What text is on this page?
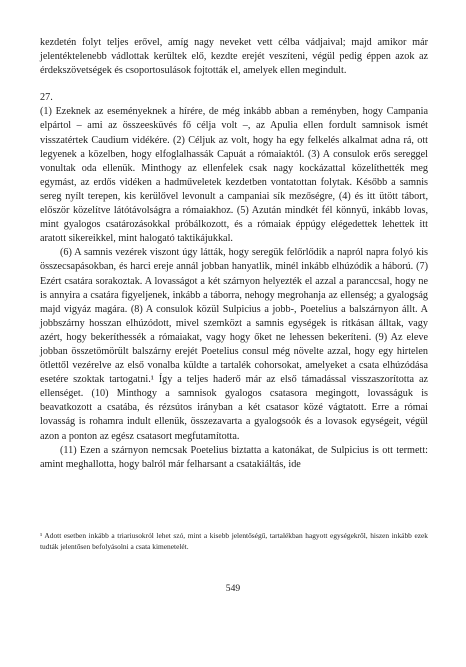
kezdetén folyt teljes erővel, amíg nagy neveket vett célba vádjaival; majd amikor már jelentéktelenebb vádlottak kerültek elő, kezdte erejét veszíteni, végül pedig éppen azok az érdekszövetségek és csoportosulások fojtották el, amelyek ellen megindult.

27.

(1) Ezeknek az eseményeknek a hírére, de még inkább abban a reményben, hogy Campania elpártol – ami az összeesküvés fő célja volt –, az Apulia ellen fordult samnisok ismét visszatértek Caudium vidékére. (2) Céljuk az volt, hogy ha egy felkelés alkalmat adna rá, ott legyenek a közelben, hogy elfoglalhassák Capuát a rómaiaktól. (3) A consulok erős sereggel vonultak oda ellenük. Minthogy az ellenfelek csak nagy kockázattal közelíthették meg egymást, az erdős vidéken a hadműveletek kezdetben vontatottan folytak. Később a samnis sereg nyílt terepen, kis kerülővel levonult a campaniai sík mezőségre, (4) és itt ütött tábort, először közelítve látótávolságra a rómaiakhoz. (5) Azután mindkét fél könnyű, inkább lovas, mint gyalogos csatározásokkal próbálkozott, és a rómaiak éppúgy elégedettek lehettek itt aratott sikereikkel, mint halogató taktikájukkal.

(6) A samnis vezérek viszont úgy látták, hogy seregük felőrlődik a napról napra folyó kis összecsapásokban, és harci ereje annál jobban hanyatlik, minél inkább elhúzódik a háború. (7) Ezért csatára sorakoztak. A lovasságot a két szárnyon helyezték el azzal a paranccsal, hogy ne is annyira a csatára figyeljenek, inkább a táborra, nehogy megrohanja az ellenség; a gyalogság majd vigyáz magára. (8) A consulok közül Sulpicius a jobb-, Poetelius a balszárnyon állt. A jobbszárny hosszan elhúzódott, mivel szemközt a samnis egységek is ritkásan álltak, vagy azért, hogy bekeríthessék a rómaiakat, vagy hogy őket ne lehessen bekeríteni. (9) Az eleve jobban összetömörült balszárny erejét Poetelius consul még növelte azzal, hogy egy hirtelen ötlettől vezérelve az első vonalba küldte a tartalék cohorsokat, amelyeket a csata elhúzódása esetére szoktak tartogatni.¹ Így a teljes haderő már az első támadással visszaszorította az ellenséget. (10) Minthogy a samnisok gyalogos csatasora megingott, lovasságuk is beavatkozott a csatába, és rézsútos irányban a két csatasor közé vágtatott. Erre a római lovasság is rohamra indult ellenük, összezavarta a gyalogsoók és a lovasok egységeit, végül azon a ponton az egész csatasort megfutamította.

(11) Ezen a szárnyon nemcsak Poetelius biztatta a katonákat, de Sulpicius is ott termett: amint meghallotta, hogy balról már felharsant a csatakiáltás, ide

¹ Adott esetben inkább a triariusokról lehet szó, mint a kisebb jelentőségű, tartalékban hagyott egységekről, hiszen inkább ezek tudták jelentősen befolyásolni a csata kimenetelét.
549
